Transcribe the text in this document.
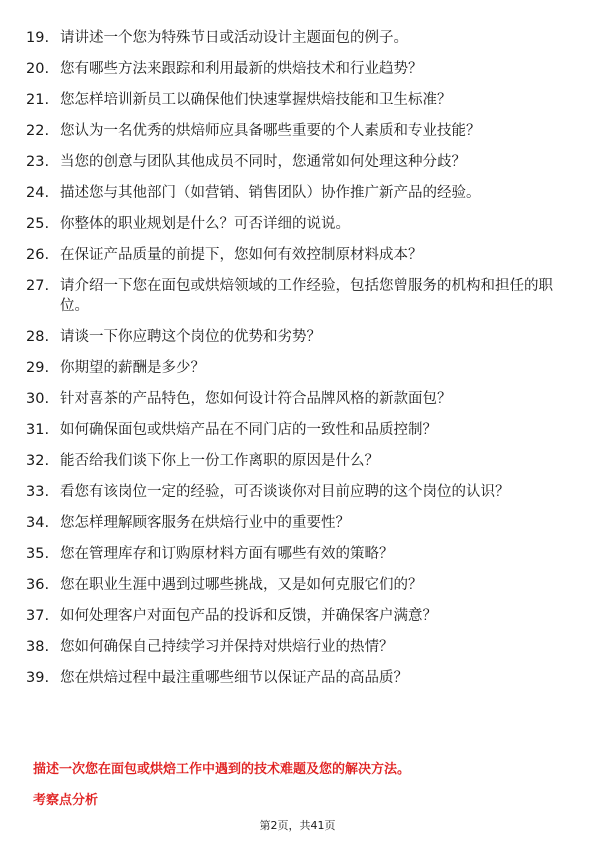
19. 请讲述一个您为特殊节日或活动设计主题面包的例子。
20. 您有哪些方法来跟踪和利用最新的烘焙技术和行业趋势？
21. 您怎样培训新员工以确保他们快速掌握烘焙技能和卫生标准？
22. 您认为一名优秀的烘焙师应具备哪些重要的个人素质和专业技能？
23. 当您的创意与团队其他成员不同时，您通常如何处理这种分歧？
24. 描述您与其他部门（如营销、销售团队）协作推广新产品的经验。
25. 你整体的职业规划是什么？可否详细的说说。
26. 在保证产品质量的前提下，您如何有效控制原材料成本？
27. 请介绍一下您在面包或烘焙领域的工作经验，包括您曾服务的机构和担任的职位。
28. 请谈一下你应聘这个岗位的优势和劣势？
29. 你期望的薪酬是多少？
30. 针对喜茶的产品特色，您如何设计符合品牌风格的新款面包？
31. 如何确保面包或烘焙产品在不同门店的一致性和品质控制？
32. 能否给我们谈下你上一份工作离职的原因是什么？
33. 看您有该岗位一定的经验，可否谈谈你对目前应聘的这个岗位的认识？
34. 您怎样理解顾客服务在烘焙行业中的重要性？
35. 您在管理库存和订购原材料方面有哪些有效的策略？
36. 您在职业生涯中遇到过哪些挑战，又是如何克服它们的？
37. 如何处理客户对面包产品的投诉和反馈，并确保客户满意？
38. 您如何确保自己持续学习并保持对烘焙行业的热情？
39. 您在烘焙过程中最注重哪些细节以保证产品的高品质？
描述一次您在面包或烘焙工作中遇到的技术难题及您的解决方法。
考察点分析
第2页，共41页
